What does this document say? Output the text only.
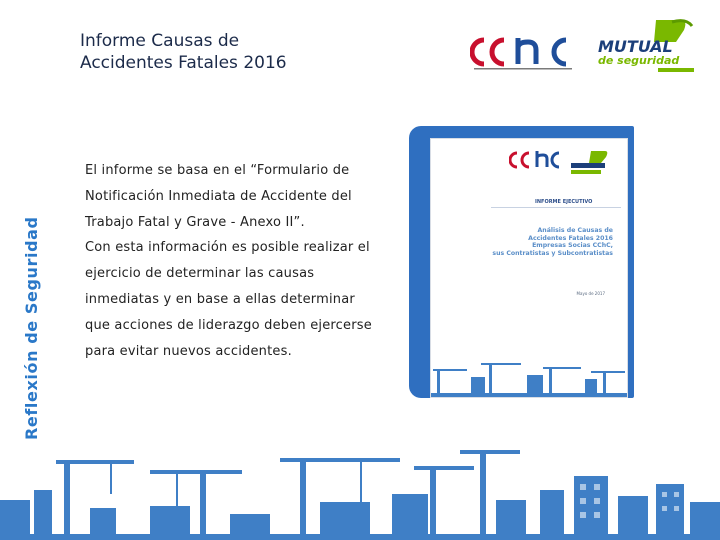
Informe Causas de
Accidentes Fatales 2016
MUTUAL
de seguridad
Reflexión de Seguridad

El informe se basa en el “Formulario de

Notificación Inmediata de Accidente del

Trabajo Fatal y Grave - Anexo II”.

Con esta información es posible realizar el

ejercicio de determinar las causas

inmediatas y en base a ellas determinar

que acciones de liderazgo deben ejercerse

para evitar nuevos accidentes.

INFORME EJECUTIVO
Análisis de Causas de
Accidentes Fatales 2016
Empresas Socias CChC,
sus Contratistas y Subcontratistas
Mayo de 2017
